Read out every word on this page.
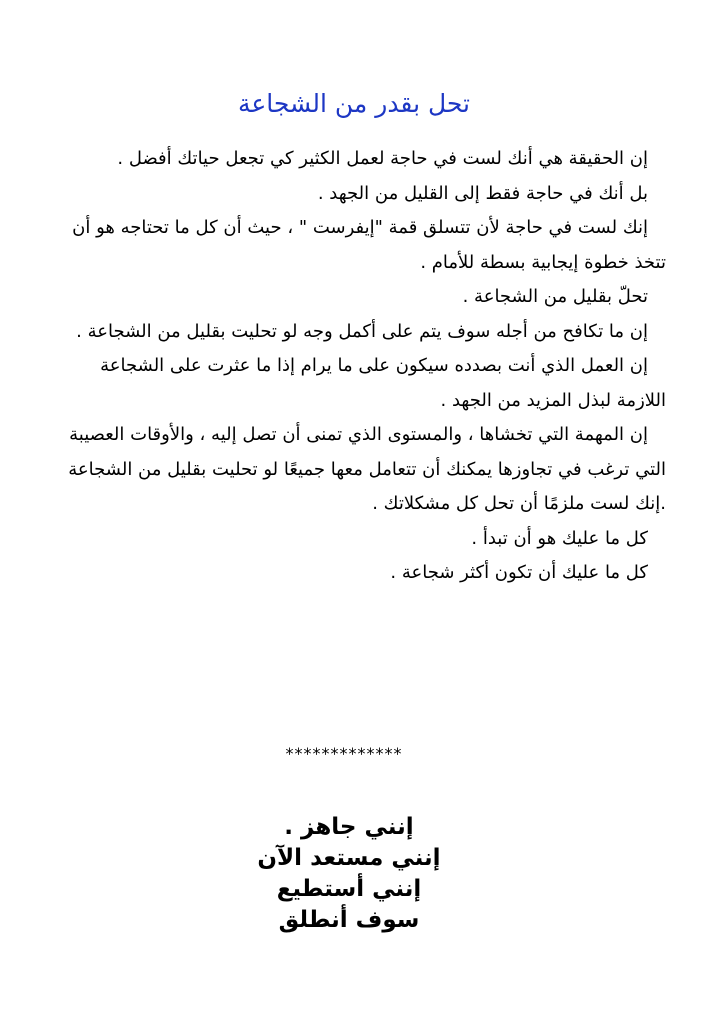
تحل بقدر من الشجاعة

إن الحقيقة هي أنك لست في حاجة لعمل الكثير كي تجعل حياتك أفضل .

بل أنك في حاجة فقط إلى القليل من الجهد .

إنك لست في حاجة لأن تتسلق قمة "إيفرست " ، حيث أن كل ما تحتاجه هو أن تتخذ خطوة إيجابية بسطة للأمام .

تحلّ بقليل من الشجاعة .

إن ما تكافح من أجله سوف يتم على أكمل وجه لو تحليت بقليل من الشجاعة .

إن العمل الذي أنت بصدده سيكون على ما يرام إذا ما عثرت على الشجاعة اللازمة لبذل المزيد من الجهد .

إن المهمة التي تخشاها ، والمستوى الذي تمنى أن تصل إليه ، والأوقات العصيبة التي ترغب في تجاوزها يمكنك أن تتعامل معها جميعًا لو تحليت بقليل من الشجاعة .إنك لست ملزمًا أن تحل كل مشكلاتك .

كل ما عليك هو أن تبدأ .

كل ما عليك أن تكون أكثر شجاعة .

*************
إنني جاهز .
إنني مستعد الآن
إنني أستطيع
سوف أنطلق
